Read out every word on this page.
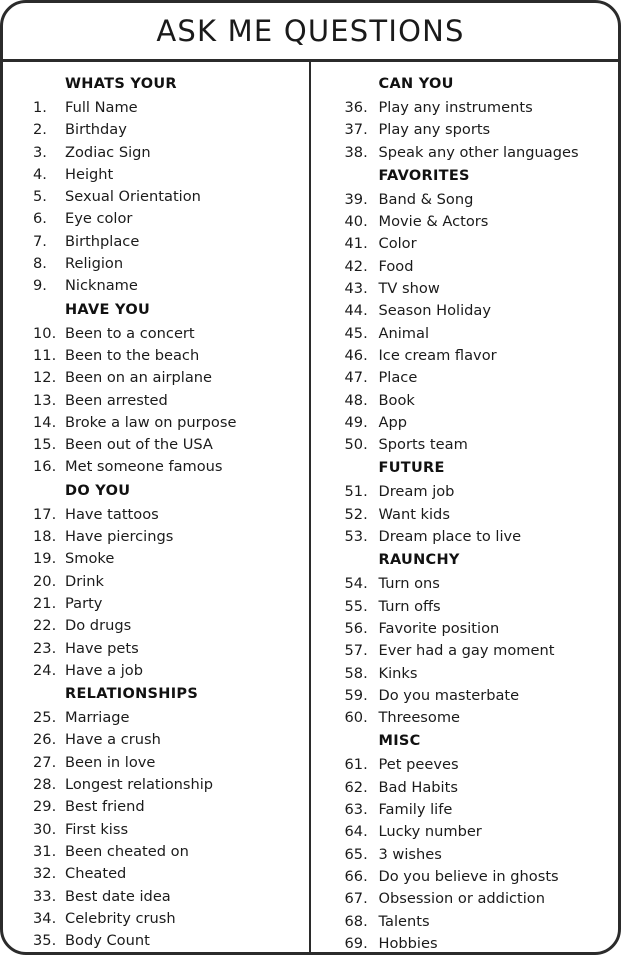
ASK ME QUESTIONS
WHATS YOUR
1.	Full Name
2.	Birthday
3.	Zodiac Sign
4.	Height
5.	Sexual Orientation
6.	Eye color
7.	Birthplace
8.	Religion
9.	Nickname
HAVE YOU
10. Been to a concert
11. Been to the beach
12. Been on an airplane
13. Been arrested
14. Broke a law on purpose
15. Been out of the USA
16. Met someone famous
DO YOU
17. Have tattoos
18. Have piercings
19. Smoke
20. Drink
21. Party
22. Do drugs
23. Have pets
24. Have a job
RELATIONSHIPS
25. Marriage
26. Have a crush
27. Been in love
28. Longest relationship
29. Best friend
30. First kiss
31. Been cheated on
32. Cheated
33. Best date idea
34. Celebrity crush
35. Body Count
CAN YOU
36. Play any instruments
37. Play any sports
38. Speak any other languages
FAVORITES
39. Band & Song
40. Movie & Actors
41. Color
42. Food
43. TV show
44. Season Holiday
45. Animal
46. Ice cream flavor
47. Place
48. Book
49. App
50. Sports team
FUTURE
51. Dream job
52. Want kids
53. Dream place to live
RAUNCHY
54. Turn ons
55. Turn offs
56. Favorite position
57. Ever had a gay moment
58. Kinks
59. Do you masterbate
60. Threesome
MISC
61. Pet peeves
62. Bad Habits
63. Family life
64. Lucky number
65. 3 wishes
66. Do you believe in ghosts
67. Obsession or addiction
68. Talents
69. Hobbies
